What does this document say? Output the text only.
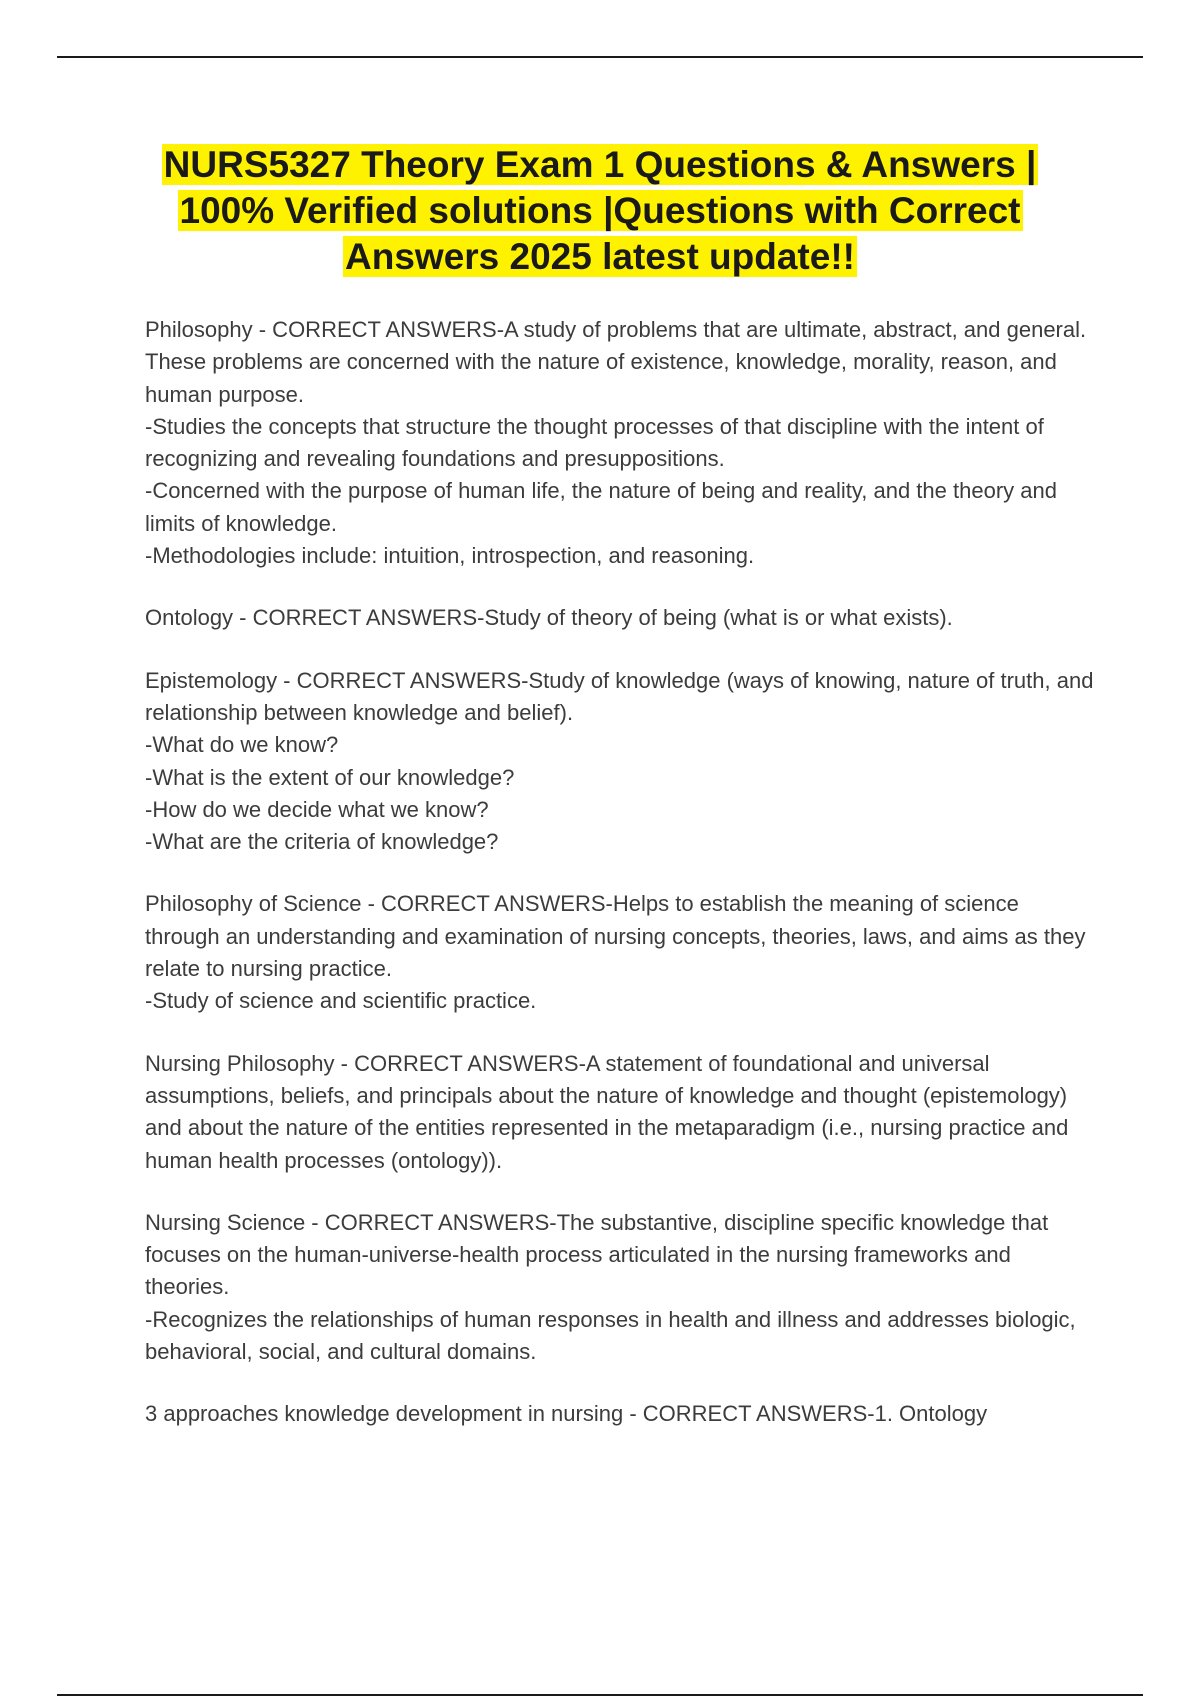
NURS5327 Theory Exam 1 Questions & Answers | 100% Verified solutions |Questions with Correct Answers 2025 latest update!!
Philosophy - CORRECT ANSWERS-A study of problems that are ultimate, abstract, and general. These problems are concerned with the nature of existence, knowledge, morality, reason, and human purpose.
-Studies the concepts that structure the thought processes of that discipline with the intent of recognizing and revealing foundations and presuppositions.
-Concerned with the purpose of human life, the nature of being and reality, and the theory and limits of knowledge.
-Methodologies include: intuition, introspection, and reasoning.
Ontology - CORRECT ANSWERS-Study of theory of being (what is or what exists).
Epistemology - CORRECT ANSWERS-Study of knowledge (ways of knowing, nature of truth, and relationship between knowledge and belief).
-What do we know?
-What is the extent of our knowledge?
-How do we decide what we know?
-What are the criteria of knowledge?
Philosophy of Science - CORRECT ANSWERS-Helps to establish the meaning of science through an understanding and examination of nursing concepts, theories, laws, and aims as they relate to nursing practice.
-Study of science and scientific practice.
Nursing Philosophy - CORRECT ANSWERS-A statement of foundational and universal assumptions, beliefs, and principals about the nature of knowledge and thought (epistemology) and about the nature of the entities represented in the metaparadigm (i.e., nursing practice and human health processes (ontology)).
Nursing Science - CORRECT ANSWERS-The substantive, discipline specific knowledge that focuses on the human-universe-health process articulated in the nursing frameworks and theories.
-Recognizes the relationships of human responses in health and illness and addresses biologic, behavioral, social, and cultural domains.
3 approaches knowledge development in nursing - CORRECT ANSWERS-1. Ontology
